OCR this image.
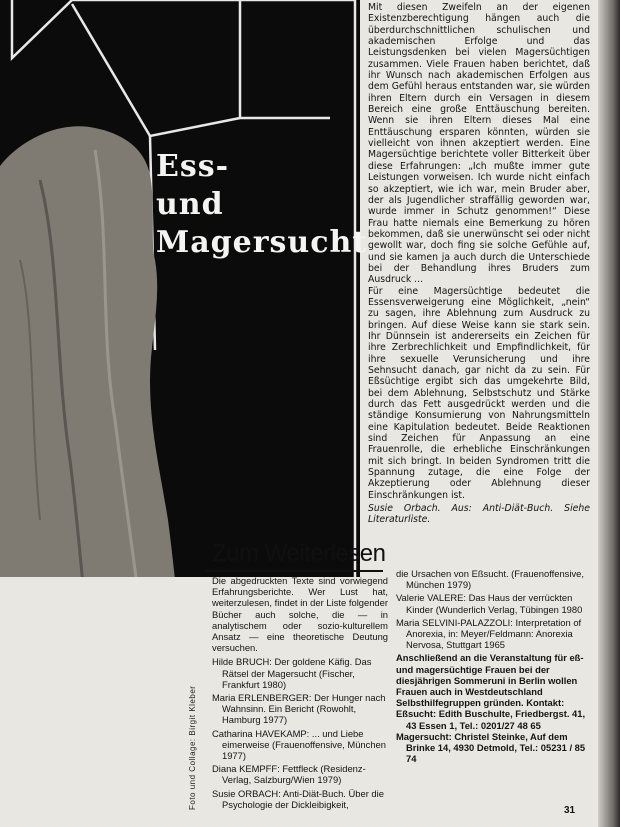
Ess-
und
Magersucht
Foto und Collage: Birgit Kleber

Mit diesen Zweifeln an der eigenen Existenzberechtigung hängen auch die überdurchschnittlichen schulischen und akademischen Erfolge und das Leistungsdenken bei vielen Magersüchtigen zusammen. Viele Frauen haben berichtet, daß ihr Wunsch nach akademischen Erfolgen aus dem Gefühl heraus entstanden war, sie würden ihren Eltern durch ein Versagen in diesem Bereich eine große Enttäuschung bereiten. Wenn sie ihren Eltern dieses Mal eine Enttäuschung ersparen könnten, würden sie vielleicht von ihnen akzeptiert werden. Eine Magersüchtige berichtete voller Bitterkeit über diese Erfahrungen: „Ich mußte immer gute Leistungen vorweisen. Ich wurde nicht einfach so akzeptiert, wie ich war, mein Bruder aber, der als Jugendlicher straffällig geworden war, wurde immer in Schutz genommen!“ Diese Frau hatte niemals eine Bemerkung zu hören bekommen, daß sie unerwünscht sei oder nicht gewollt war, doch fing sie solche Gefühle auf, und sie kamen ja auch durch die Unterschiede bei der Behandlung ihres Bruders zum Ausdruck ...

Für eine Magersüchtige bedeutet die Essensverweigerung eine Möglichkeit, „nein“ zu sagen, ihre Ablehnung zum Ausdruck zu bringen. Auf diese Weise kann sie stark sein. Ihr Dünnsein ist andererseits ein Zeichen für ihre Zerbrechlichkeit und Empfindlichkeit, für ihre sexuelle Verunsicherung und ihre Sehnsucht danach, gar nicht da zu sein. Für Eßsüchtige ergibt sich das umgekehrte Bild, bei dem Ablehnung, Selbstschutz und Stärke durch das Fett ausgedrückt werden und die ständige Konsumierung von Nahrungsmitteln eine Kapitulation bedeutet. Beide Reaktionen sind Zeichen für Anpassung an eine Frauenrolle, die erhebliche Einschränkungen mit sich bringt. In beiden Syndromen tritt die Spannung zutage, die eine Folge der Akzeptierung oder Ablehnung dieser Einschränkungen ist.

Susie Orbach. Aus: Anti-Diät-Buch. Siehe Literaturliste.

Zum Weiterlesen

Die abgedruckten Texte sind vorwiegend Erfahrungsberichte. Wer Lust hat, weiterzulesen, findet in der Liste folgender Bücher auch solche, die — in analytischem oder sozio-kulturellem Ansatz — eine theoretische Deutung versuchen.

Hilde BRUCH: Der goldene Käfig. Das Rätsel der Magersucht (Fischer, Frankfurt 1980)

Maria ERLENBERGER: Der Hunger nach Wahnsinn. Ein Bericht (Rowohlt, Hamburg 1977)

Catharina HAVEKAMP: ... und Liebe eimerweise (Frauenoffensive, München 1977)

Diana KEMPFF: Fettfleck (Residenz-Verlag, Salzburg/Wien 1979)

Susie ORBACH: Anti-Diät-Buch. Über die Psychologie der Dickleibigkeit,

die Ursachen von Eßsucht. (Frauenoffensive, München 1979)

Valerie VALERE: Das Haus der verrückten Kinder (Wunderlich Verlag, Tübingen 1980

Maria SELVINI-PALAZZOLI: Interpretation of Anorexia, in: Meyer/Feldmann: Anorexia Nervosa, Stuttgart 1965

Anschließend an die Veranstaltung für eß- und magersüchtige Frauen bei der diesjährigen Sommeruni in Berlin wollen Frauen auch in Westdeutschland Selbsthilfegruppen gründen. Kontakt:

Eßsucht: Edith Buschulte, Friedbergst. 41, 43 Essen 1, Tel.: 0201/27 48 65

Magersucht: Christel Steinke, Auf dem Brinke 14, 4930 Detmold, Tel.: 05231 / 85 74

31
